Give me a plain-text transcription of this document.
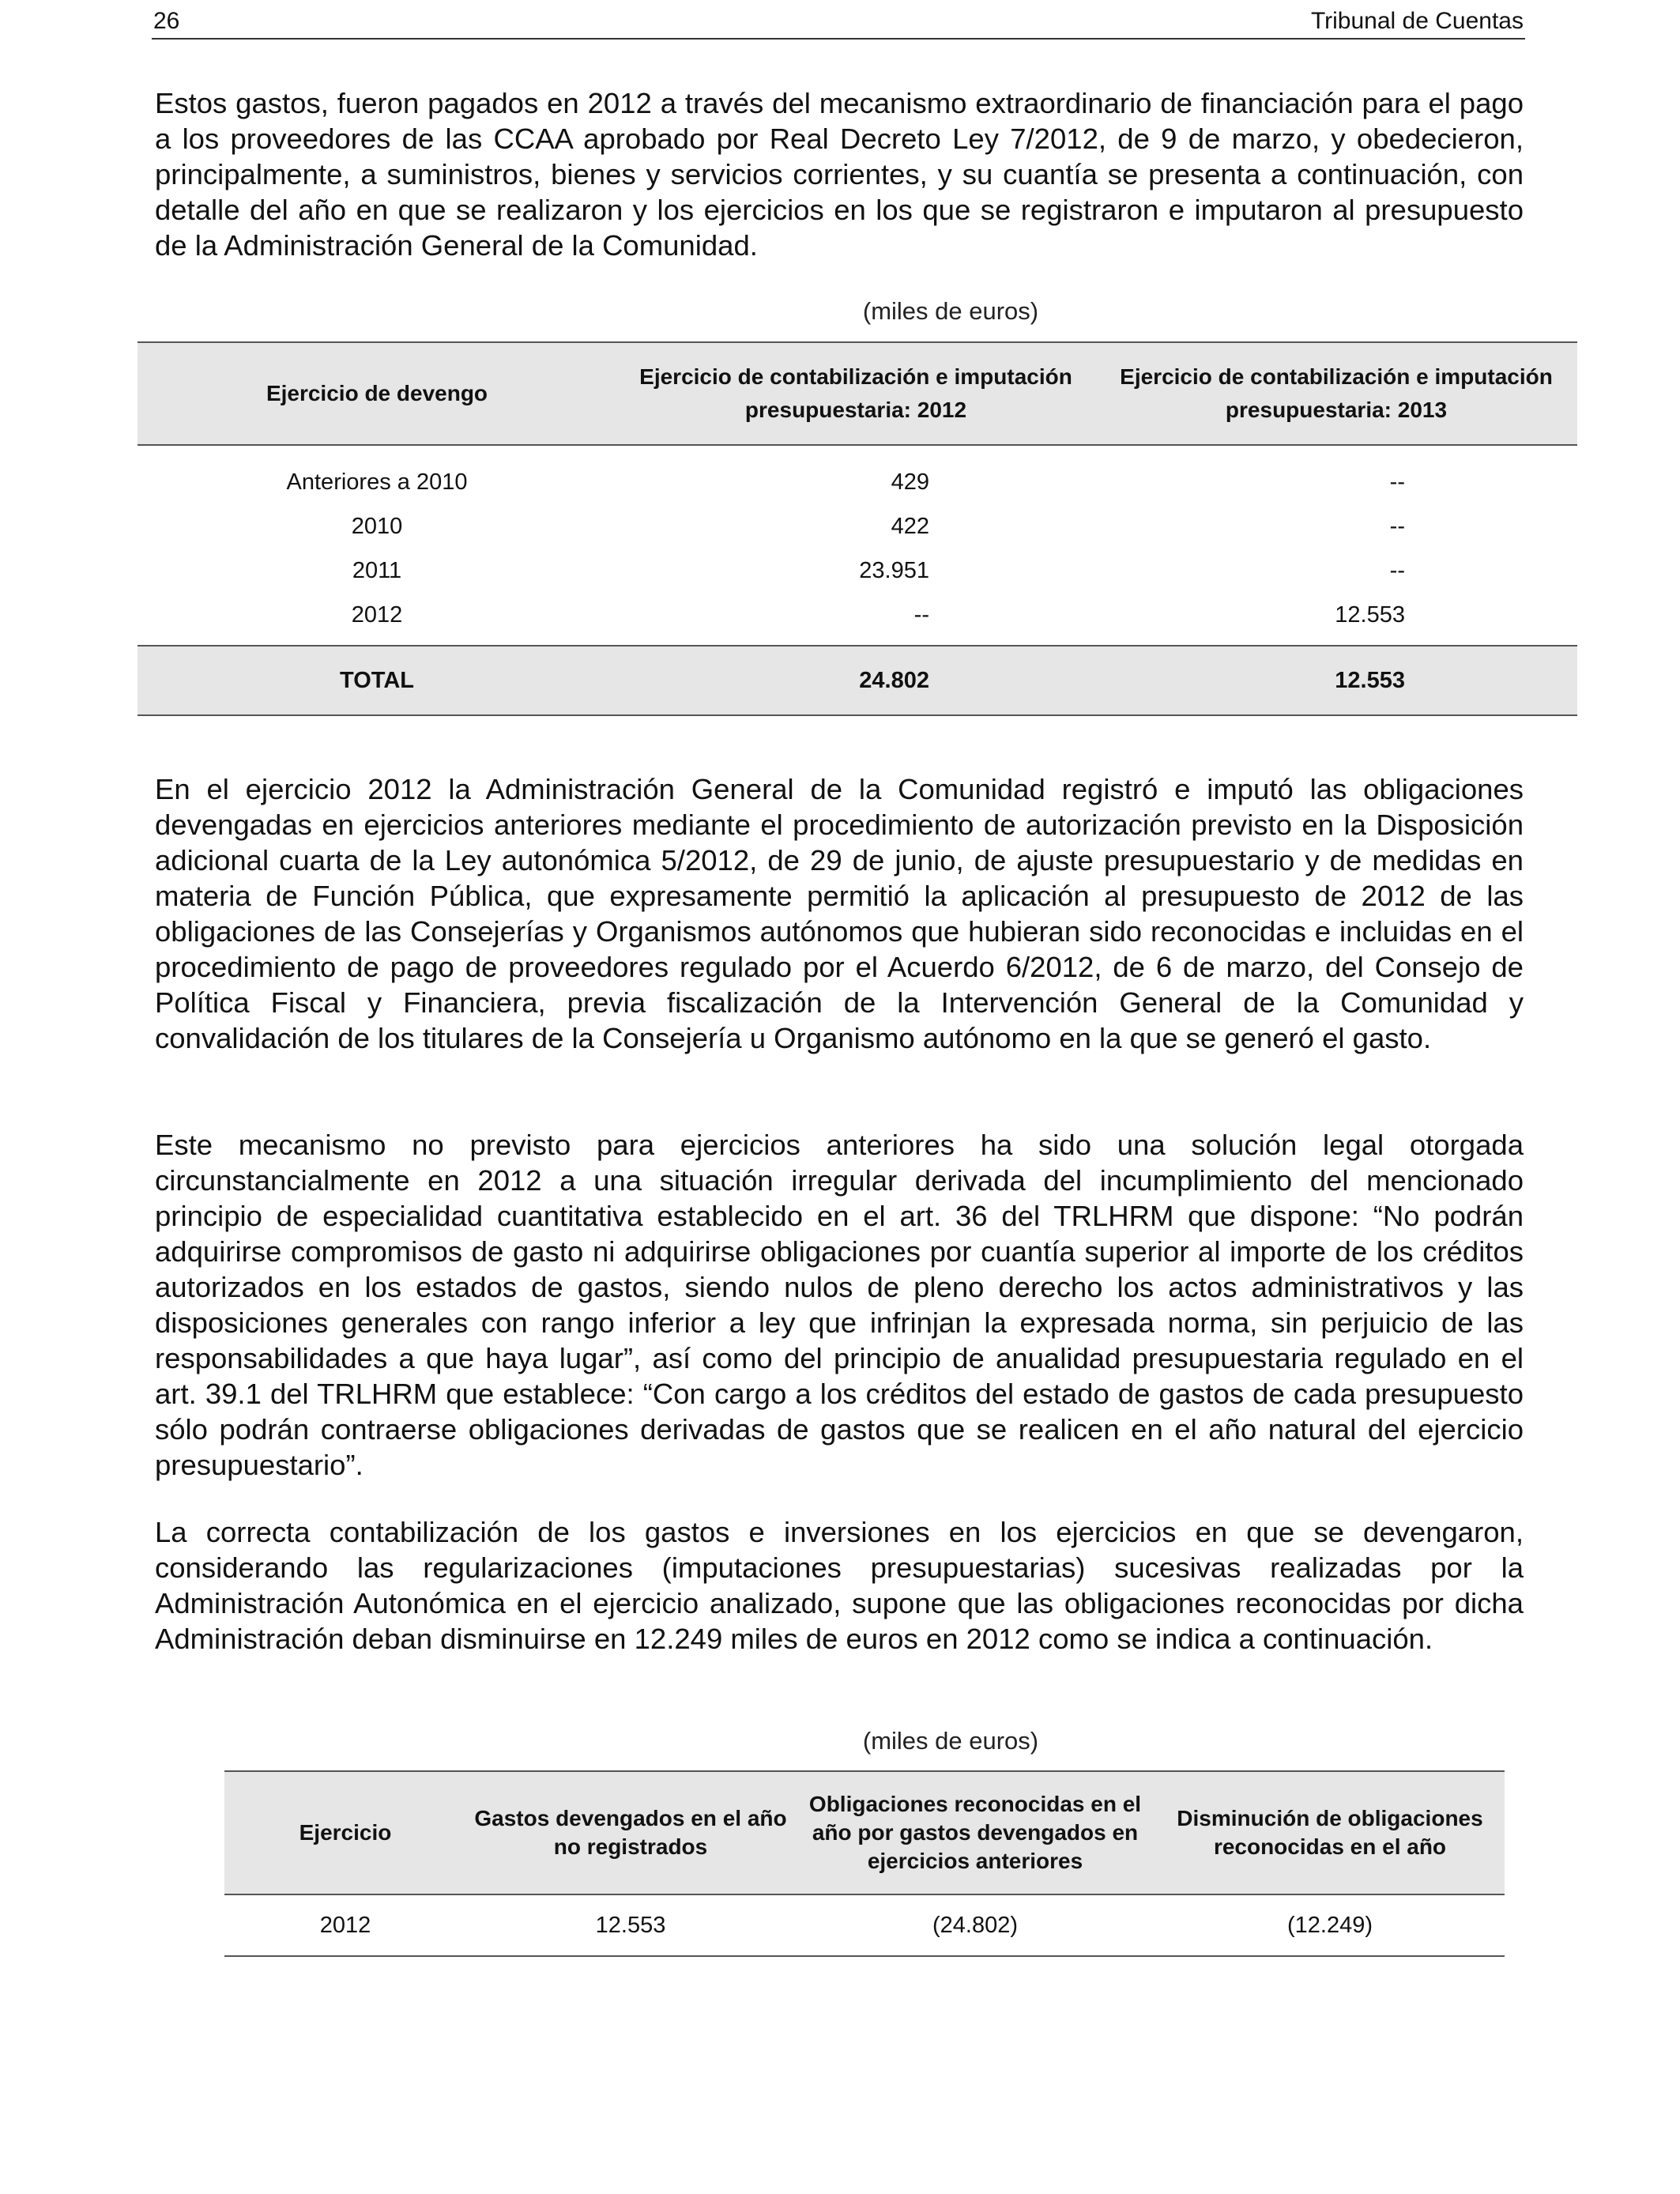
26	Tribunal de Cuentas

Estos gastos, fueron pagados en 2012 a través del mecanismo extraordinario de financiación para el pago a los proveedores de las CCAA aprobado por Real Decreto Ley 7/2012, de 9 de marzo, y obedecieron, principalmente, a suministros, bienes y servicios corrientes, y su cuantía se presenta a continuación, con detalle del año en que se realizaron y los ejercicios en los que se registraron e imputaron al presupuesto de la Administración General de la Comunidad.

(miles de euros)
Ejercicio de devengo	Ejercicio de contabilización e imputación presupuestaria: 2012	Ejercicio de contabilización e imputación presupuestaria: 2013
Anteriores a 2010	429	--
2010	422	--
2011	23.951	--
2012	--	12.553
TOTAL	24.802	12.553

En el ejercicio 2012 la Administración General de la Comunidad registró e imputó las obligaciones devengadas en ejercicios anteriores mediante el procedimiento de autorización previsto en la Disposición adicional cuarta de la Ley autonómica 5/2012, de 29 de junio, de ajuste presupuestario y de medidas en materia de Función Pública, que expresamente permitió la aplicación al presupuesto de 2012 de las obligaciones de las Consejerías y Organismos autónomos que hubieran sido reconocidas e incluidas en el procedimiento de pago de proveedores regulado por el Acuerdo 6/2012, de 6 de marzo, del Consejo de Política Fiscal y Financiera, previa fiscalización de la Intervención General de la Comunidad y convalidación de los titulares de la Consejería u Organismo autónomo en la que se generó el gasto.

Este mecanismo no previsto para ejercicios anteriores ha sido una solución legal otorgada circunstancialmente en 2012 a una situación irregular derivada del incumplimiento del mencionado principio de especialidad cuantitativa establecido en el art. 36 del TRLHRM que dispone: “No podrán adquirirse compromisos de gasto ni adquirirse obligaciones por cuantía superior al importe de los créditos autorizados en los estados de gastos, siendo nulos de pleno derecho los actos administrativos y las disposiciones generales con rango inferior a ley que infrinjan la expresada norma, sin perjuicio de las responsabilidades a que haya lugar”, así como del principio de anualidad presupuestaria regulado en el art. 39.1 del TRLHRM que establece: “Con cargo a los créditos del estado de gastos de cada presupuesto sólo podrán contraerse obligaciones derivadas de gastos que se realicen en el año natural del ejercicio presupuestario”.

La correcta contabilización de los gastos e inversiones en los ejercicios en que se devengaron, considerando las regularizaciones (imputaciones presupuestarias) sucesivas realizadas por la Administración Autonómica en el ejercicio analizado, supone que las obligaciones reconocidas por dicha Administración deban disminuirse en 12.249 miles de euros en 2012 como se indica a continuación.

(miles de euros)
Ejercicio	Gastos devengados en el año no registrados	Obligaciones reconocidas en el año por gastos devengados en ejercicios anteriores	Disminución de obligaciones reconocidas en el año
2012	12.553	(24.802)	(12.249)
